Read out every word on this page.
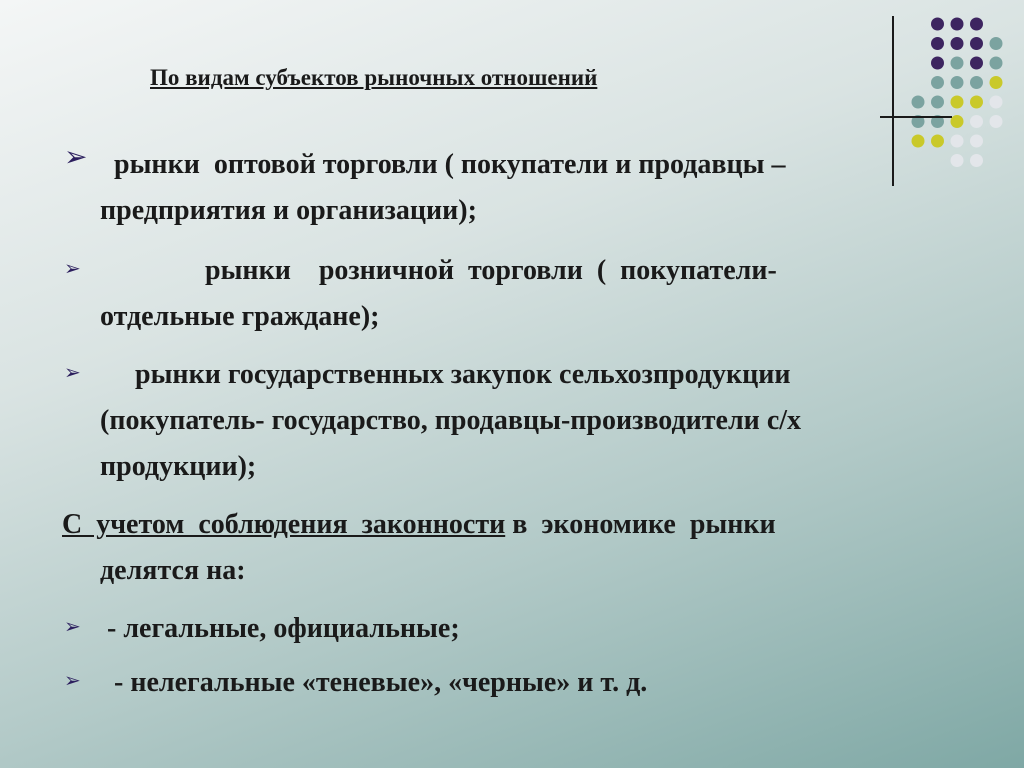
По видам субъектов рыночных отношений
➢ рынки  оптовой торговли ( покупатели и продавцы –
предприятия и организации);
➢ рынки    розничной  торговли  (  покупатели-
отдельные граждане);
➢ рынки государственных закупок сельхозпродукции
(покупатель- государство, продавцы-производители с/х
продукции);
С  учетом  соблюдения  законности в  экономике  рынки
делятся на:
➢ - легальные, официальные;
➢ - нелегальные «теневые», «черные» и т. д.
